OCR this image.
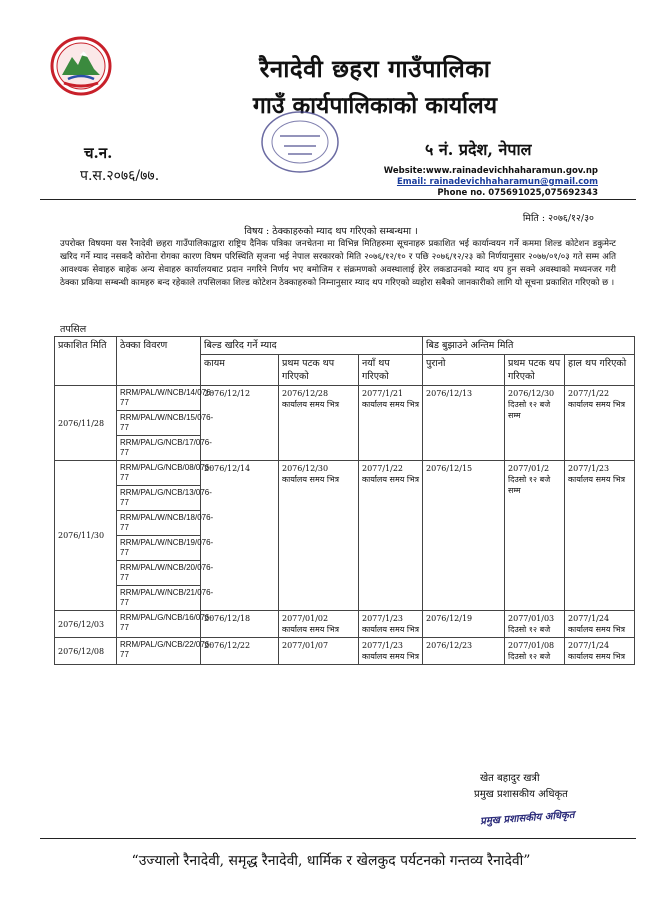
रैनादेवी छहरा गाउँपालिका
गाउँ कार्यपालिकाको कार्यालय
च.न.
प.स.२०७६/७७.
५ नं. प्रदेश, नेपाल
Website:www.rainadevichhaharamun.gov.np
Email: rainadevichhaharamun@gmail.com
Phone no. 075691025,075692343
मिति : २०७६/१२/३०
विषय : ठेक्काहरुको म्याद थप गरिएको सम्बन्धमा ।
उपरोक्त विषयमा यस रैनादेवी छहरा गाउँपालिकाद्वारा राष्ट्रिय दैनिक पत्रिका जनचेतना मा विभिन्न मितिहरुमा सूचनाहरु प्रकाशित भई कार्यान्वयन गर्ने कममा शिल्ड कोटेशन डकुमेन्ट खरिद गर्ने म्याद नसकदै कोरोना रोगका कारण विषम परिस्थिति सृजना भई नेपाल सरकारको मिति २०७६/१२/१० र पछि २०७६/१२/२३ को निर्णयानुसार २०७७/०१/०३ गते सम्म अति आवश्यक सेवाहरु बाहेक अन्य सेवाहरु कार्यालयबाट प्रदान नगरिने निर्णय भए बमोजिम र संक्रमणको अवस्थालाई हेरेर लकडाउनको म्याद थप हुन सक्ने अवस्थाको मध्यनजर गरी ठेक्का प्रकिया सम्बन्धी कामहरु बन्द रहेकाले तपसिलका शिल्ड कोटेशन ठेक्काहरुको निम्नानुसार म्याद थप गरिएको व्यहोरा सबैको जानकारीको लागि यो सूचना प्रकाशित गरिएको छ ।
तपसिल
प्रकाशित मिति	ठेक्का विवरण	बिल्ड खरिद गर्ने म्याद			बिड बुझाउने अन्तिम मिति		
		कायम	प्रथम पटक थप गरिएको	नयाँ थप गरिएको	पुरानो	प्रथम पटक थप गरिएको	हाल थप गरिएको
2076/11/28	RRM/PAL/W/NCB/14/076-77	2076/12/12	2076/12/28 कार्यालय समय भित्र	2077/1/21 कार्यालय समय भित्र	2076/12/13	2076/12/30 दिउसो १२ बजे सम्म	2077/1/22 कार्यालय समय भित्र
	RRM/PAL/W/NCB/15/076-77						
	RRM/PAL/G/NCB/17/076-77						
2076/11/30	RRM/PAL/G/NCB/08/076-77	2076/12/14	2076/12/30 कार्यालय समय भित्र	2077/1/22 कार्यालय समय भित्र	2076/12/15	2077/01/2 दिउसो १२ बजे सम्म	2077/1/23 कार्यालय समय भित्र
	RRM/PAL/G/NCB/13/076-77						
	RRM/PAL/W/NCB/18/076-77						
	RRM/PAL/W/NCB/19/076-77						
	RRM/PAL/W/NCB/20/076-77						
	RRM/PAL/W/NCB/21/076-77						
2076/12/03	RRM/PAL/G/NCB/16/076-77	2076/12/18	2077/01/02 कार्यालय समय भित्र	2077/1/23 कार्यालय समय भित्र	2076/12/19	2077/01/03 दिउसो १२ बजे	2077/1/24 कार्यालय समय भित्र
2076/12/08	RRM/PAL/G/NCB/22/076-77	2076/12/22	2077/01/07	2077/1/23 कार्यालय समय भित्र	2076/12/23	2077/01/08 दिउसो १२ बजे	2077/1/24 कार्यालय समय भित्र
खेत बहादुर खत्री
प्रमुख प्रशासकीय अधिकृत
प्रमुख प्रशासकीय अधिकृत
“उज्यालो रैनादेवी, समृद्ध रैनादेवी, धार्मिक र खेलकुद पर्यटनको गन्तव्य रैनादेवी”
